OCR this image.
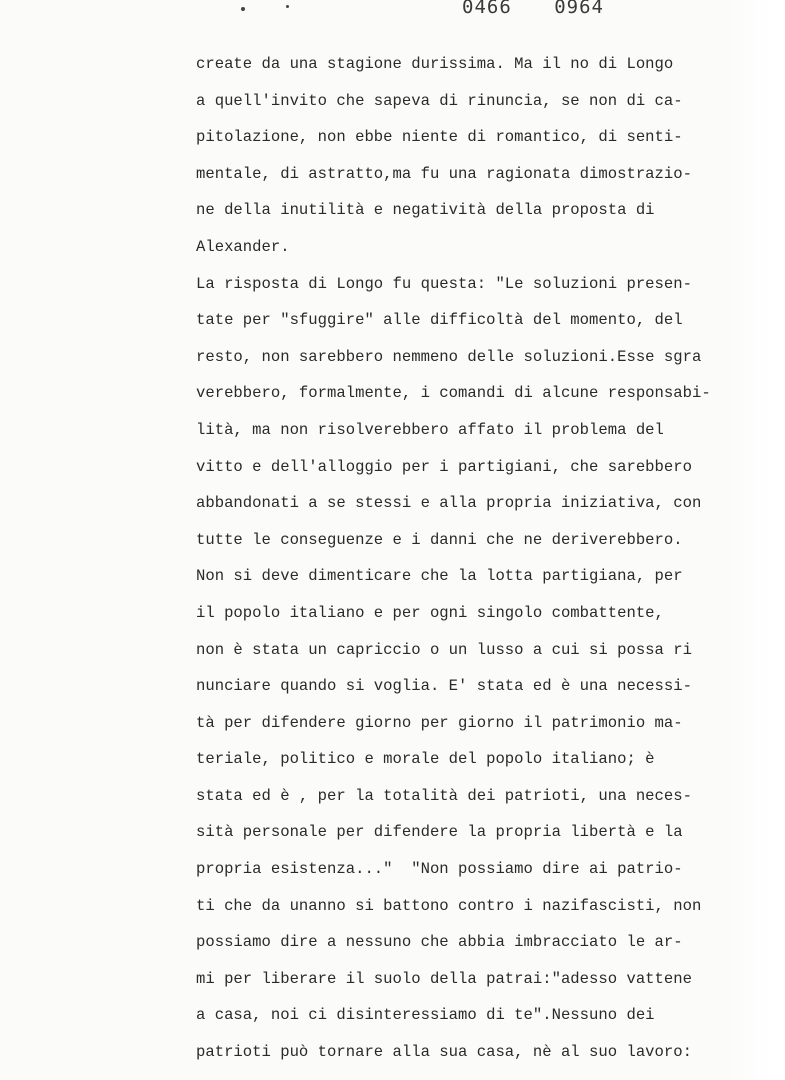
0466 0964
create da una stagione durissima. Ma il no di Longo
a quell'invito che sapeva di rinuncia, se non di ca-
pitolazione, non ebbe niente di romantico, di senti-
mentale, di astratto,ma fu una ragionata dimostrazio-
ne della inutilità e negatività della proposta di
Alexander.
La risposta di Longo fu questa: "Le soluzioni presen-
tate per "sfuggire" alle difficoltà del momento, del
resto, non sarebbero nemmeno delle soluzioni.Esse sgra
verebbero, formalmente, i comandi di alcune responsabi-
lità, ma non risolverebbero affato il problema del
vitto e dell'alloggio per i partigiani, che sarebbero
abbandonati a se stessi e alla propria iniziativa, con
tutte le conseguenze e i danni che ne deriverebbero.
Non si deve dimenticare che la lotta partigiana, per
il popolo italiano e per ogni singolo combattente,
non è stata un capriccio o un lusso a cui si possa ri
nunciare quando si voglia. E' stata ed è una necessi-
tà per difendere giorno per giorno il patrimonio ma-
teriale, politico e morale del popolo italiano; è
stata ed è , per la totalità dei patrioti, una neces-
sità personale per difendere la propria libertà e la
propria esistenza..."  "Non possiamo dire ai patrio-
ti che da unanno si battono contro i nazifascisti, non
possiamo dire a nessuno che abbia imbracciato le ar-
mi per liberare il suolo della patrai:"adesso vattene
a casa, noi ci disinteressiamo di te".Nessuno dei
patrioti può tornare alla sua casa, nè al suo lavoro:
